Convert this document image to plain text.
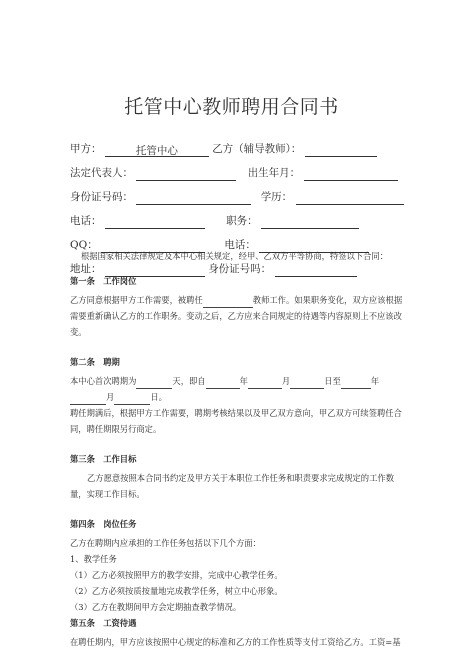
托管中心教师聘用合同书
甲方：	托管中心	乙方（辅导教师）：
法定代表人：	出生年月：
身份证号码：	学历：
电话：	职务：
QQ：	电话：
地址：	身份证号吗：

根据国家相关法律规定及本中心相关规定，经甲、乙双方平等协商，特签以下合同：

第一条　工作岗位

乙方同意根据甲方工作需要，被聘任	教师工作。如果职务变化，双方应该根据需要重新确认乙方的工作职务。变动之后，乙方应来合同规定的待遇等内容原则上不应该改变。

第二条　聘期

本中心首次聘期为	天，即自	年	月	日至	年

月	日。

聘任期满后，根据甲方工作需要，聘期考核结果以及甲乙双方意向，甲乙双方可续签聘任合同，聘任期限另行商定。

第三条　工作目标

乙方愿意按照本合同书约定及甲方关于本职位工作任务和职责要求完成规定的工作数量，实现工作目标。

第四条　岗位任务

乙方在聘期内应承担的工作任务包括以下几个方面：

1、教学任务

（1）乙方必须按照甲方的教学安排，完成中心教学任务。

（2）乙方必须按质按量地完成教学任务，树立中心形象。

（3）乙方在教期间甲方会定期抽查教学情况。

第五条　工资待遇

在聘任期内，甲方应该按照中心规定的标准和乙方的工作性质等支付工资给乙方。工资=基
